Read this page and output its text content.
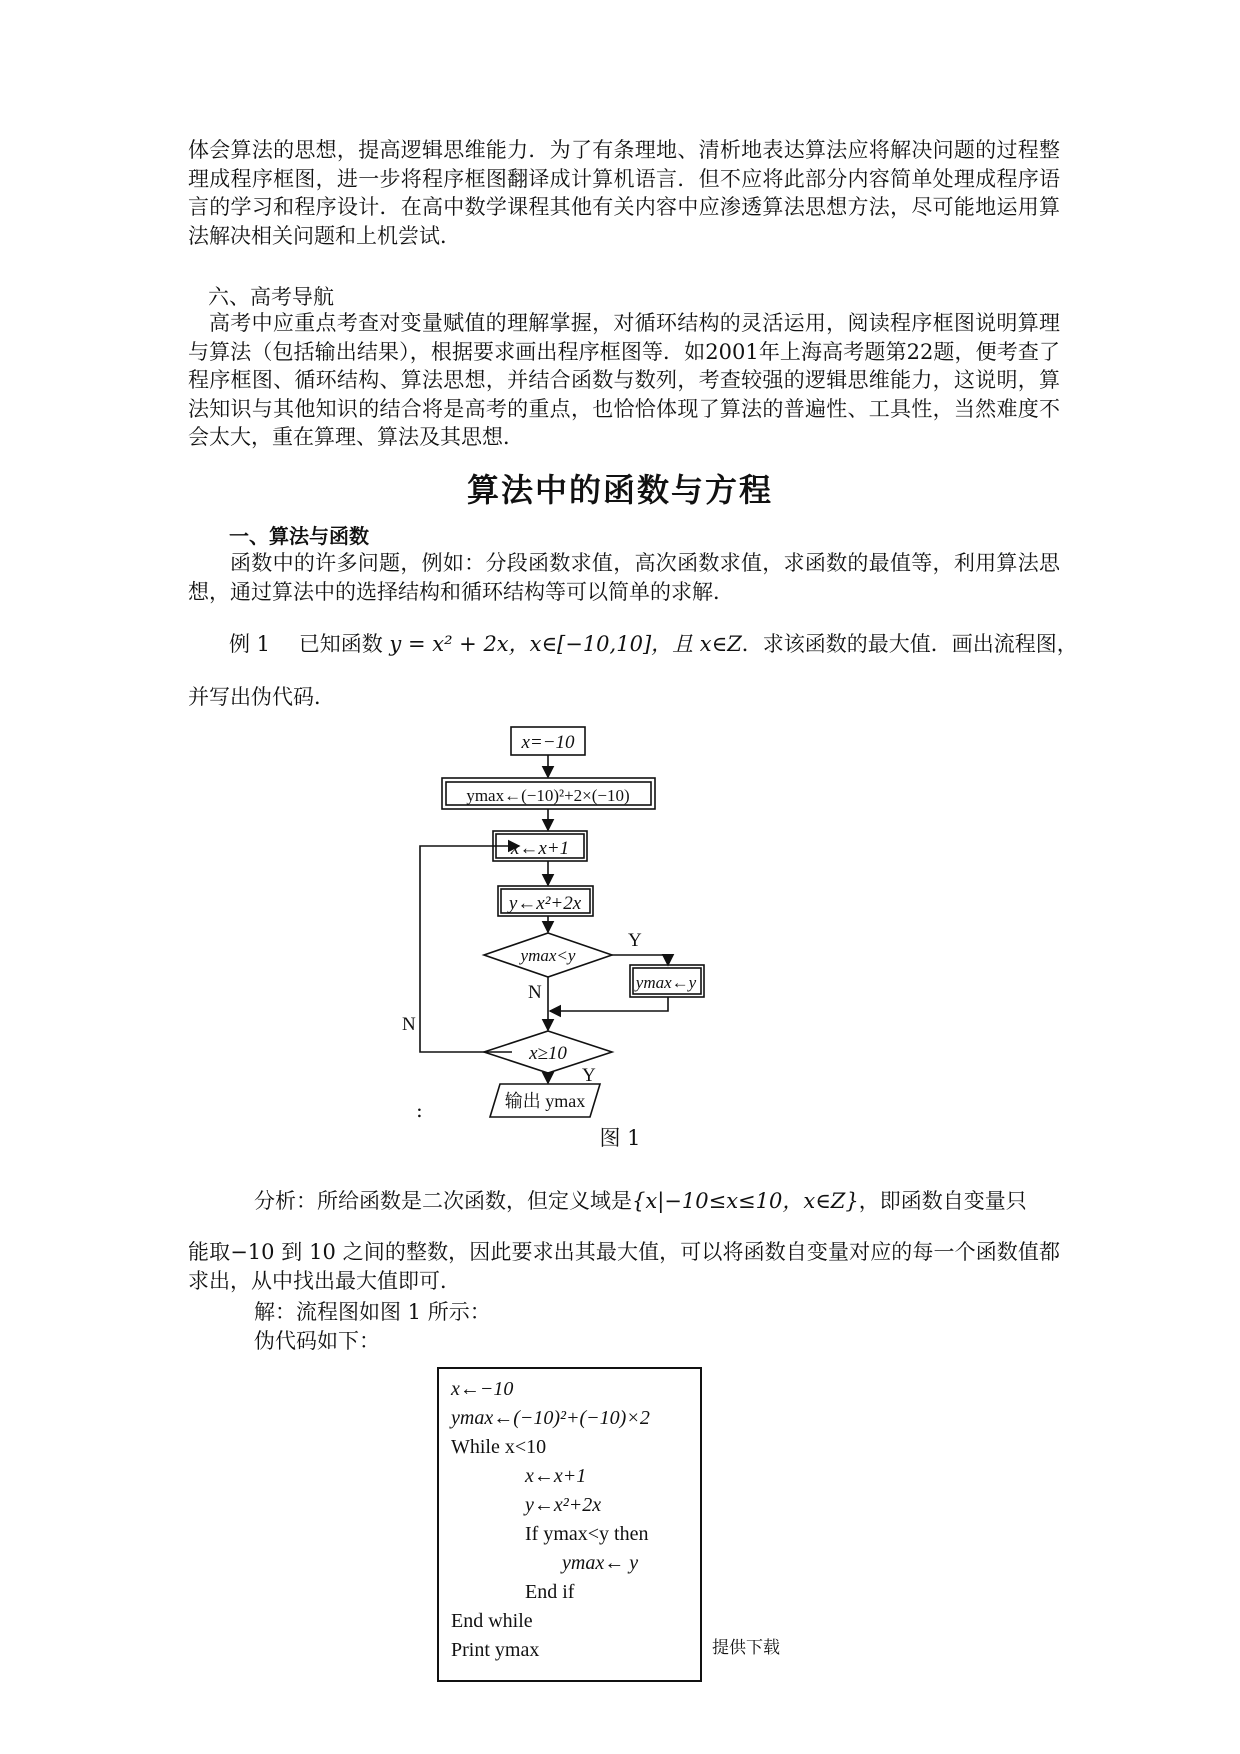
体会算法的思想，提高逻辑思维能力．为了有条理地、清析地表达算法应将解决问题的过程整理成程序框图，进一步将程序框图翻译成计算机语言．但不应将此部分内容简单处理成程序语言的学习和程序设计．在高中数学课程其他有关内容中应渗透算法思想方法，尽可能地运用算法解决相关问题和上机尝试．
六、高考导航
高考中应重点考查对变量赋值的理解掌握，对循环结构的灵活运用，阅读程序框图说明算理与算法（包括输出结果），根据要求画出程序框图等．如2001年上海高考题第22题，便考查了程序框图、循环结构、算法思想，并结合函数与数列，考查较强的逻辑思维能力，这说明，算法知识与其他知识的结合将是高考的重点，也恰恰体现了算法的普遍性、工具性，当然难度不会太大，重在算理、算法及其思想．
算法中的函数与方程
一、算法与函数
函数中的许多问题，例如：分段函数求值，高次函数求值，求函数的最值等，利用算法思想，通过算法中的选择结构和循环结构等可以简单的求解．
例 1 已知函数 y = x² + 2x，x∈[−10,10]，且 x∈Z．求该函数的最大值．画出流程图，
并写出伪代码．
x=−10
ymax←(−10)²+2×(−10)
x←x+1
y←x²+2x
ymax<y
ymax←y
x≥10
输出 ymax
Y
N
N
Y
:
图 1
分析：所给函数是二次函数，但定义域是{x|−10≤x≤10，x∈Z}，即函数自变量只
能取−10 到 10 之间的整数，因此要求出其最大值，可以将函数自变量对应的每一个函数值都求出，从中找出最大值即可．
解：流程图如图 1 所示：
伪代码如下：
x←−10
ymax←(−10)²+(−10)×2
While x<10
x←x+1
y←x²+2x
If ymax<y then
ymax← y
End if
End while
Print ymax	提供下载
